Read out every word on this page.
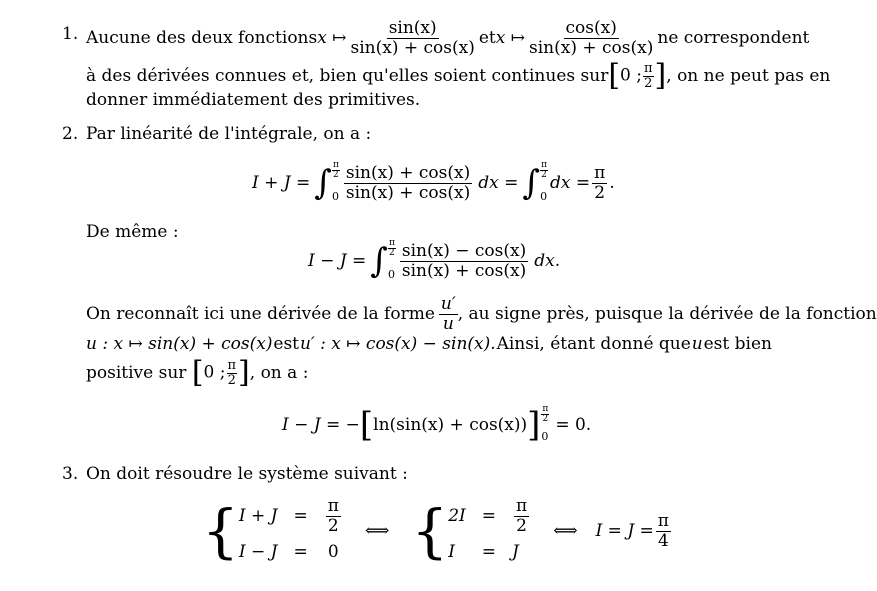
1. Aucune des deux fonctions x ↦ $\frac{\sin(x)}{\sin(x) + \cos(x)}$ et x ↦ $\frac{\cos(x)}{\sin(x) + \cos(x)}$ ne correspondent
à des dérivées connues et, bien qu'elles soient continues sur [0 ; $\frac{\pi}{2}$ ] , on ne peut pas en
donner immédiatement des primitives.
2. Par linéarité de l'intégrale, on a :
I + J = ∫ $\frac{\pi}{2}$
$0 \frac{\sin(x) + \cos(x)}{\sin(x) + \cos(x)}$ dx = ∫ $\frac{\pi}{2}$
0
dx = $\frac{\pi}{2}$ .
De même :
I − J = ∫ $\frac{\pi}{2}$
$0 \frac{\sin(x) - \cos(x)}{\sin(x) + \cos(x)}$ dx.
On reconnaît ici une dérivée de la forme $\frac{u'}{u}$ , au signe près, puisque la dérivée de la fonction
u : x ↦ sin(x) + cos(x) est u′ : x ↦ cos(x) − sin(x). Ainsi, étant donné que u est bien
positive sur
[0 ; $\frac{\pi}{2}$ ] , on a :
I − J = − [ ln(sin(x) + cos(x)) ] $\frac{\pi}{2}$
0
= 0.
3. On doit résoudre le système suivant :
{ $I + J = \frac{\pi}{2}$
I − J = 0
⟺ { $2I = \frac{\pi}{2}$
I	= J
⟺ $I = J = \frac{\pi}{4}$
